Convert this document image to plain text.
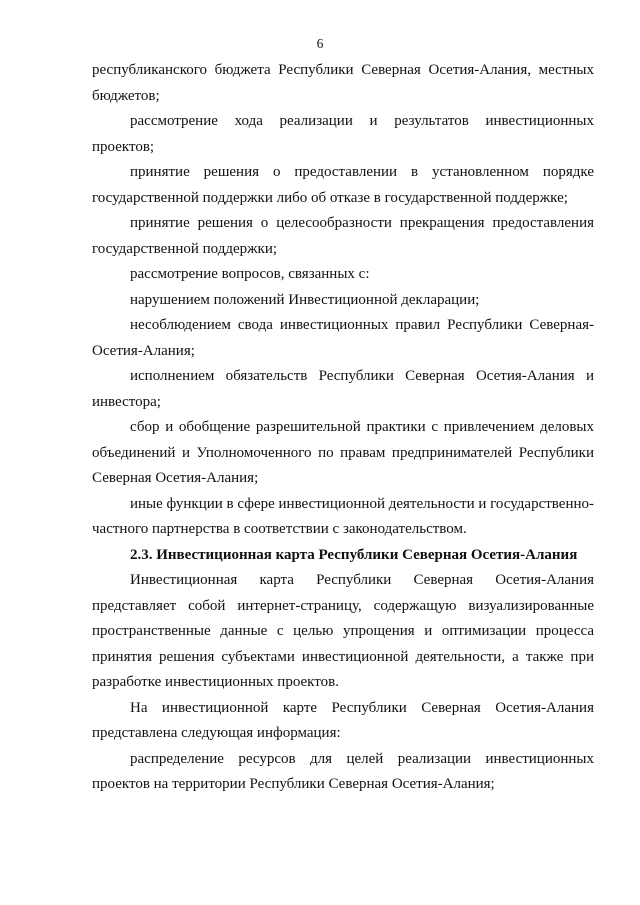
6

республиканского бюджета Республики Северная Осетия-Алания, местных бюджетов;

рассмотрение хода реализации и результатов инвестиционных проектов;

принятие решения о предоставлении в установленном порядке государственной поддержки либо об отказе в государственной поддержке;

принятие решения о целесообразности прекращения предоставления государственной поддержки;

рассмотрение вопросов, связанных с:

нарушением положений Инвестиционной декларации;

несоблюдением свода инвестиционных правил Республики Северная-Осетия-Алания;

исполнением обязательств Республики Северная Осетия-Алания и инвестора;

сбор и обобщение разрешительной практики с привлечением деловых объединений и Уполномоченного по правам предпринимателей Республики Северная Осетия-Алания;

иные функции в сфере инвестиционной деятельности и государственно-частного партнерства в соответствии с законодательством.

2.3. Инвестиционная карта Республики Северная Осетия-Алания

Инвестиционная карта Республики Северная Осетия-Алания представляет собой интернет-страницу, содержащую визуализированные пространственные данные с целью упрощения и оптимизации процесса принятия решения субъектами инвестиционной деятельности, а также при разработке инвестиционных проектов.

На инвестиционной карте Республики Северная Осетия-Алания представлена следующая информация:

распределение ресурсов для целей реализации инвестиционных проектов на территории Республики Северная Осетия-Алания;
